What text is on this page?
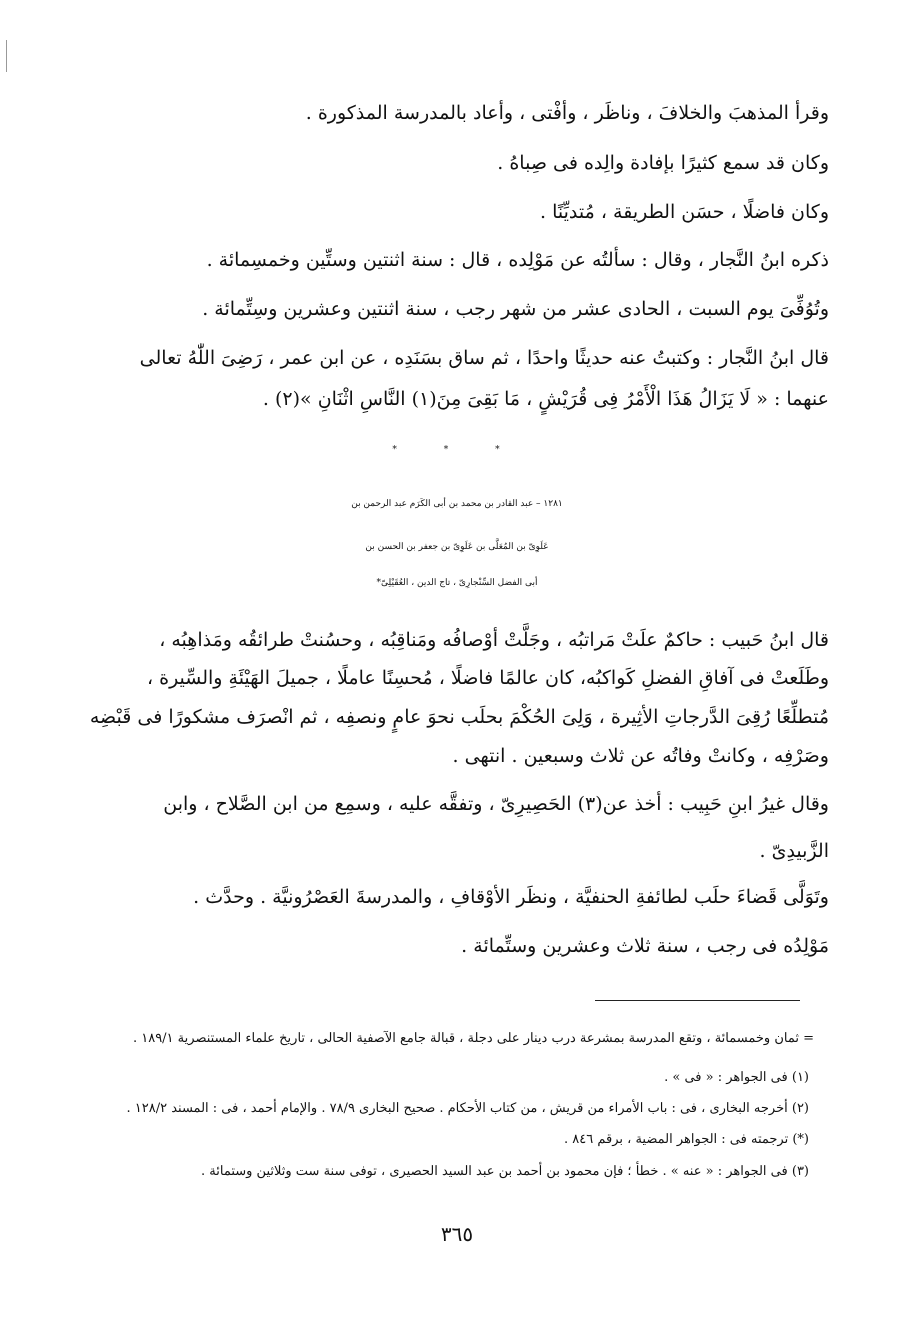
وقرأ المذهبَ والخلافَ ، وناظَر ، وأفْتى ، وأعاد بالمدرسة المذكورة .
وكان قد سمع كثيرًا بإفادة والِده فى صِباهُ .
وكان فاضلًا ، حسَن الطريقة ، مُتديِّنًا .
ذكره ابنُ النَّجار ، وقال : سألتُه عن مَوْلِده ، قال : سنة اثنتين وستِّين وخمسِمائة .
وتُوُفِّىَ يوم السبت ، الحادى عشر من شهر رجب ، سنة اثنتين وعشرين وسِتِّمائة .
قال ابنُ النَّجار : وكتبتُ عنه حديثًا واحدًا ، ثم ساق بسَنَدِه ، عن ابن عمر ، رَضِىَ اللّٰهُ تعالى
عنهما : « لَا يَزَالُ هَذَا الْأَمْرُ فِى قُرَيْشٍ ، مَا بَقِىَ مِنَ(١) النَّاسِ اثْنَانِ »(٢) .
* * *
١٢٨١ – عبد القادر بن محمد بن أبى الكَرَم عبد الرحمن بن
عَلَوِىّ بن المُعَلَّى بن عَلَوِىّ بن جعفر بن الحسن بن
أبى الفضل السِّنْجارِىّ ، تاج الدين ، العُقَيْلِىّ*
قال ابنُ حَبيب : حاكمٌ علَتْ مَراتبُه ، وجَلَّتْ أوْصافُه ومَناقِبُه ، وحسُنتْ طرائقُه ومَذاهِبُه ،
وطَلَعتْ فى آفاقِ الفضلِ كَواكبُه، كان عالمًا فاضلًا ، مُحسِنًا عاملًا ، جميلَ الهَيْئَةِ والسِّيرة ،
مُتطلِّعًا رُقِىَ الدَّرجاتِ الأثِيرة ، وَلِىَ الحُكْمَ بحلَب نحوَ عامٍ ونصفِه ، ثم انْصرَف مشكورًا فى قَبْضِه
وصَرْفِه ، وكانتْ وفاتُه عن ثلاث وسبعين . انتهى .
وقال غيرُ ابنِ حَبِيب : أخذ عن(٣) الحَصِيرِىّ ، وتفقَّه عليه ، وسمِع من ابن الصَّلاح ، وابن
الزَّبيدِىّ .
وتَوَلَّى قَضاءَ حلَب لطائفةِ الحنفيَّة ، ونظَر الأوْقافِ ، والمدرسةَ العَصْرُونيَّة . وحدَّث .
مَوْلِدُه فى رجب ، سنة ثلاث وعشرين وستِّمائة .
= ثمان وخمسمائة ، وتقع المدرسة بمشرعة درب دينار على دجلة ، قبالة جامع الآصفية الحالى ، تاريخ علماء المستنصرية ١٨٩/١ .
(١) فى الجواهر : « فى » .
(٢) أخرجه البخارى ، فى : باب الأمراء من قريش ، من كتاب الأحكام . صحيح البخارى ٧٨/٩ . والإمام أحمد ، فى : المسند ١٢٨/٢ .
(*) ترجمته فى : الجواهر المضية ، برقم ٨٤٦ .
(٣) فى الجواهر : « عنه » . خطأ ؛ فإن محمود بن أحمد بن عبد السيد الحصيرى ، توفى سنة ست وثلاثين وستمائة .
٣٦٥
